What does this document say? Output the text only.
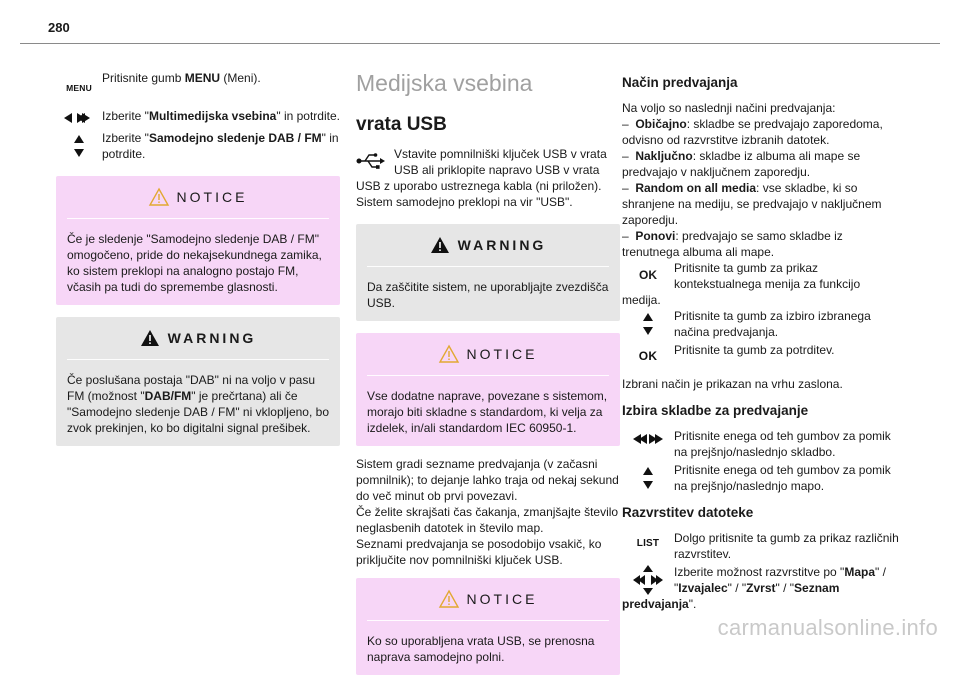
280
MENU
Pritisnite gumb MENU (Meni).
Izberite "Multimedijska vsebina" in potrdite.
Izberite "Samodejno sledenje DAB / FM" in potrdite.
NOTICE

Če je sledenje "Samodejno sledenje DAB / FM" omogočeno, pride do nekajsekundnega zamika, ko sistem preklopi na analogno postajo FM, včasih pa tudi do spremembe glasnosti.

WARNING

Če poslušana postaja "DAB" ni na voljo v pasu FM (možnost "DAB/FM" je prečrtana) ali če "Samodejno sledenje DAB / FM" ni vklopljeno, bo zvok prekinjen, ko bo digitalni signal prešibek.

Medijska vsebina
vrata USB

Vstavite pomnilniški ključek USB v vrata USB ali priklopite napravo USB v vrata USB z uporabo ustreznega kabla (ni priložen). Sistem samodejno preklopi na vir "USB".

WARNING

Da zaščitite sistem, ne uporabljajte zvezdišča USB.

NOTICE

Vse dodatne naprave, povezane s sistemom, morajo biti skladne s standardom, ki velja za izdelek, in/ali standardom IEC 60950-1.

Sistem gradi sezname predvajanja (v začasni pomnilnik); to dejanje lahko traja od nekaj sekund do več minut ob prvi povezavi.

Če želite skrajšati čas čakanja, zmanjšajte število neglasbenih datotek in število map.

Seznami predvajanja se posodobijo vsakič, ko priključite nov pomnilniški ključek USB.

NOTICE

Ko so uporabljena vrata USB, se prenosna naprava samodejno polni.

Način predvajanja

Na voljo so naslednji načini predvajanja:

–  Običajno: skladbe se predvajajo zaporedoma, odvisno od razvrstitve izbranih datotek.

–  Naključno: skladbe iz albuma ali mape se predvajajo v naključnem zaporedju.

–  Random on all media: vse skladbe, ki so shranjene na mediju, se predvajajo v naključnem zaporedju.

–  Ponovi: predvajajo se samo skladbe iz trenutnega albuma ali mape.

OK	Pritisnite ta gumb za prikaz kontekstualnega menija za funkcijo medija.

Pritisnite ta gumb za izbiro izbranega načina predvajanja.
OK	Pritisnite ta gumb za potrditev.

Izbrani način je prikazan na vrhu zaslona.

Izbira skladbe za predvajanje
Pritisnite enega od teh gumbov za pomik na prejšnjo/naslednjo skladbo.
Pritisnite enega od teh gumbov za pomik na prejšnjo/naslednjo mapo.
Razvrstitev datoteke
LIST	Dolgo pritisnite ta gumb za prikaz različnih razvrstitev.

Izberite možnost razvrstitve po "Mapa" / "Izvajalec" / "Zvrst" / "Seznam predvajanja".

carmanualsonline.info
